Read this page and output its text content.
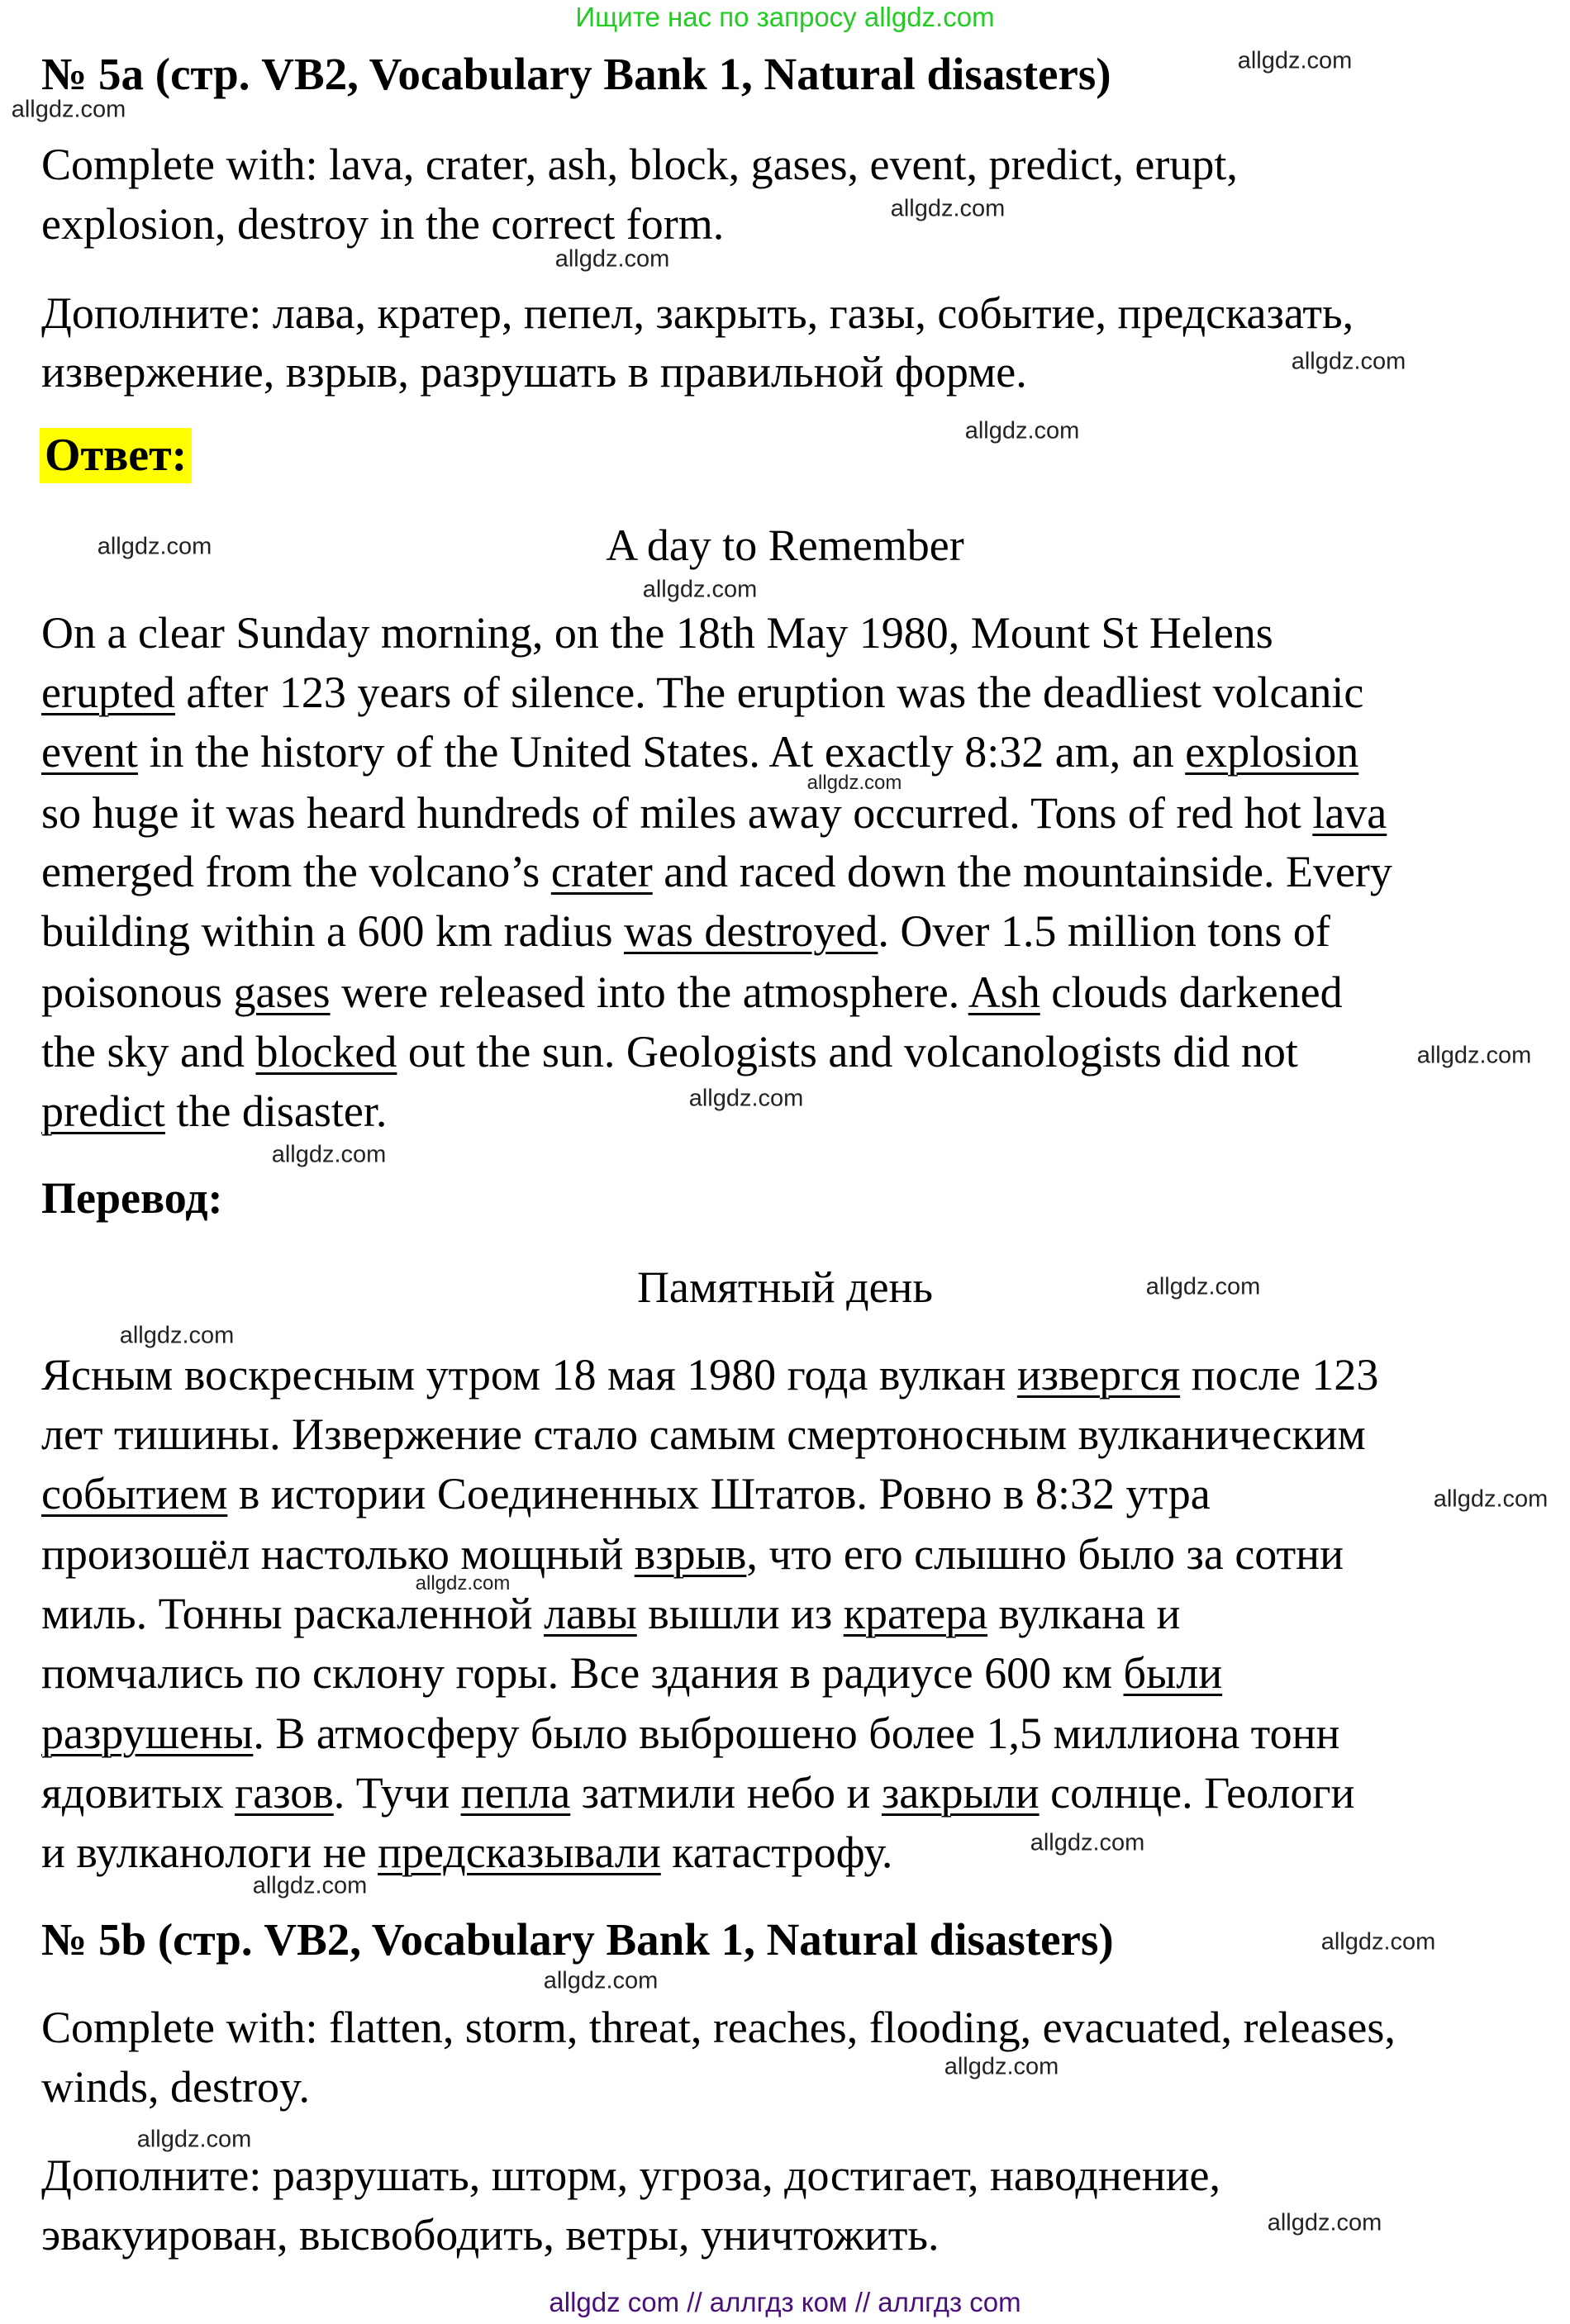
Ищите нас по запросу allgdz.com
№ 5a (стр. VB2, Vocabulary Bank 1, Natural disasters)
Complete with: lava, crater, ash, block, gases, event, predict, erupt,
explosion, destroy in the correct form.
Дополните: лава, кратер, пепел, закрыть, газы, событие, предсказать,
извержение, взрыв, разрушать в правильной форме.
Ответ:
A day to Remember
On a clear Sunday morning, on the 18th May 1980, Mount St Helens
erupted after 123 years of silence. The eruption was the deadliest volcanic
event in the history of the United States. At exactly 8:32 am, an explosion
so huge it was heard hundreds of miles away occurred. Tons of red hot lava
emerged from the volcano’s crater and raced down the mountainside. Every
building within a 600 km radius was destroyed. Over 1.5 million tons of
poisonous gases were released into the atmosphere. Ash clouds darkened
the sky and blocked out the sun. Geologists and volcanologists did not
predict the disaster.
Перевод:
Памятный день
Ясным воскресным утром 18 мая 1980 года вулкан извергся после 123
лет тишины. Извержение стало самым смертоносным вулканическим
событием в истории Соединенных Штатов. Ровно в 8:32 утра
произошёл настолько мощный взрыв, что его слышно было за сотни
миль. Тонны раскаленной лавы вышли из кратера вулкана и
помчались по склону горы. Все здания в радиусе 600 км были
разрушены. В атмосферу было выброшено более 1,5 миллиона тонн
ядовитых газов. Тучи пепла затмили небо и закрыли солнце. Геологи
и вулканологи не предсказывали катастрофу.
№ 5b (стр. VB2, Vocabulary Bank 1, Natural disasters)
Complete with: flatten, storm, threat, reaches, flooding, evacuated, releases,
winds, destroy.
Дополните: разрушать, шторм, угроза, достигает, наводнение,
эвакуирован, высвободить, ветры, уничтожить.
allgdz.com
allgdz.com
allgdz.com
allgdz.com
allgdz.com
allgdz.com
allgdz.com
allgdz.com
allgdz.com
allgdz.com
allgdz.com
allgdz.com
allgdz.com
allgdz.com
allgdz.com
allgdz.com
allgdz.com
allgdz.com
allgdz.com
allgdz.com
allgdz.com
allgdz.com
allgdz.com
allgdz com // аллгдз ком // аллгдз com
